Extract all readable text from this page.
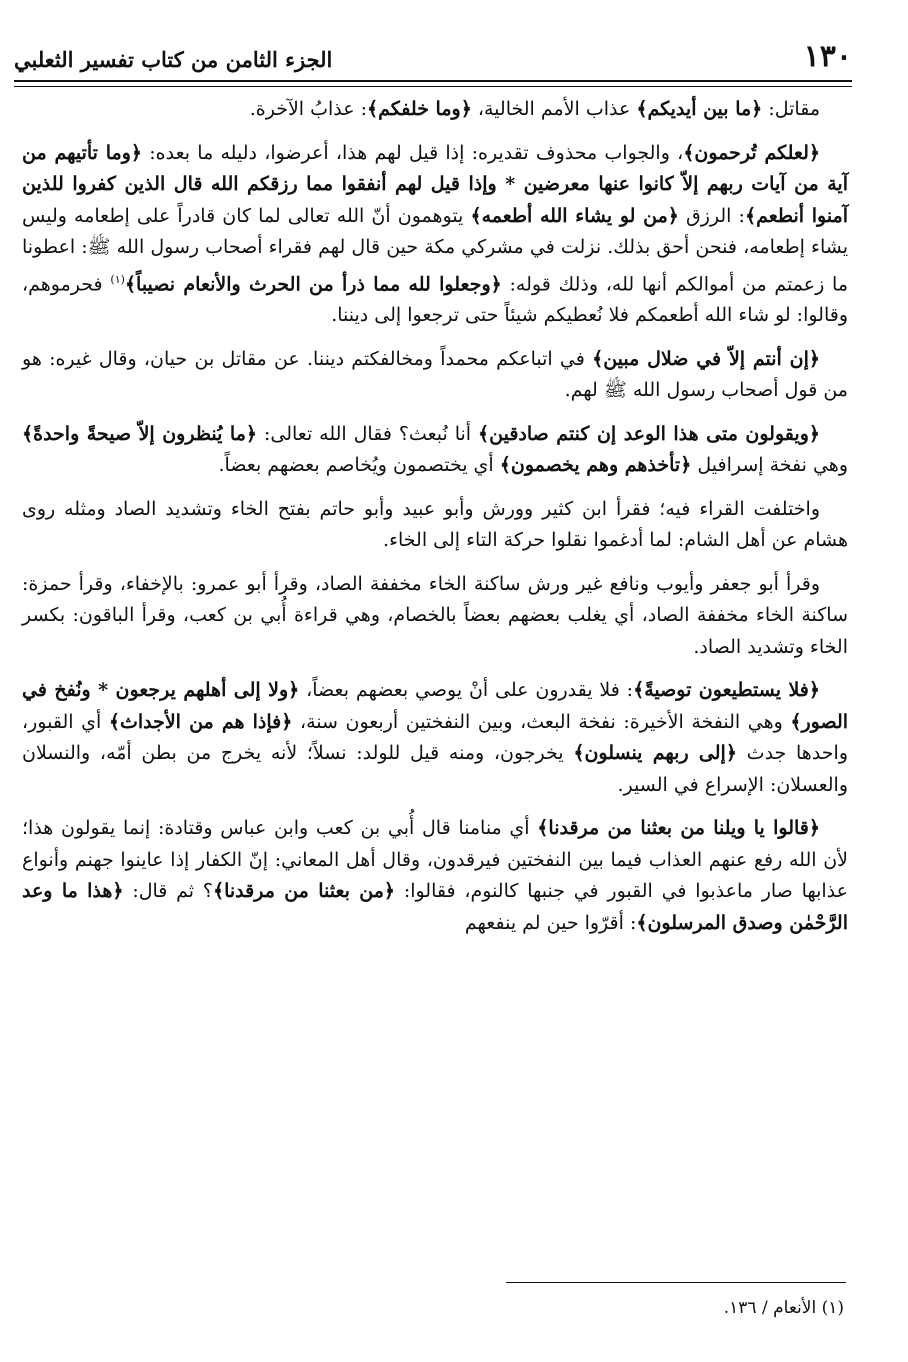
١٣٠
الجزء الثامن من كتاب تفسير الثعلبي

مقاتل: ﴿ما بين أيديكم﴾ عذاب الأمم الخالية، ﴿وما خلفكم﴾: عذابُ الآخرة.

﴿لعلكم تُرحمون﴾، والجواب محذوف تقديره: إذا قيل لهم هذا، أعرضوا، دليله ما بعده: ﴿وما تأتيهم من آية من آيات ربهم إلاّ كانوا عنها معرضين * وإذا قيل لهم أنفقوا مما رزقكم الله قال الذين كفروا للذين آمنوا أنطعم﴾: الرزق ﴿من لو يشاء الله أطعمه﴾ يتوهمون أنّ الله تعالى لما كان قادراً على إطعامه وليس يشاء إطعامه، فنحن أحق بذلك. نزلت في مشركي مكة حين قال لهم فقراء أصحاب رسول الله ﷺ: اعطونا ما زعمتم من أموالكم أنها لله، وذلك قوله: ﴿وجعلوا لله مما ذرأ من الحرث والأنعام نصيباً﴾$^{(١)}$ فحرموهم، وقالوا: لو شاء الله أطعمكم فلا نُعطيكم شيئاً حتى ترجعوا إلى ديننا.

﴿إن أنتم إلاّ في ضلال مبين﴾ في اتباعكم محمداً ومخالفكتم ديننا. عن مقاتل بن حيان، وقال غيره: هو من قول أصحاب رسول الله ﷺ لهم.

﴿ويقولون متى هذا الوعد إن كنتم صادقين﴾ أنا نُبعث؟ فقال الله تعالى: ﴿ما يُنظرون إلاّ صيحةً واحدةً﴾ وهي نفخة إسرافيل ﴿تأخذهم وهم يخصمون﴾ أي يختصمون ويُخاصم بعضهم بعضاً.

واختلفت القراء فيه؛ فقرأ ابن كثير وورش وأبو عبيد وأبو حاتم بفتح الخاء وتشديد الصاد ومثله روى هشام عن أهل الشام: لما أدغموا نقلوا حركة التاء إلى الخاء.

وقرأ أبو جعفر وأيوب ونافع غير ورش ساكنة الخاء مخففة الصاد، وقرأ أبو عمرو: بالإخفاء، وقرأ حمزة: ساكنة الخاء مخففة الصاد، أي يغلب بعضهم بعضاً بالخصام، وهي قراءة أُبي بن كعب، وقرأ الباقون: بكسر الخاء وتشديد الصاد.

﴿فلا يستطيعون توصيةً﴾: فلا يقدرون على أنْ يوصي بعضهم بعضاً، ﴿ولا إلى أهلهم يرجعون * ونُفخ في الصور﴾ وهي النفخة الأخيرة: نفخة البعث، وبين النفختين أربعون سنة، ﴿فإذا هم من الأجداث﴾ أي القبور، واحدها جدث ﴿إلى ربهم ينسلون﴾ يخرجون، ومنه قيل للولد: نسلاً؛ لأنه يخرج من بطن أمّه، والنسلان والعسلان: الإسراع في السير.

﴿قالوا يا ويلنا من بعثنا من مرقدنا﴾ أي منامنا قال أُبي بن كعب وابن عباس وقتادة: إنما يقولون هذا؛ لأن الله رفع عنهم العذاب فيما بين النفختين فيرقدون، وقال أهل المعاني: إنّ الكفار إذا عاينوا جهنم وأنواع عذابها صار ماعذبوا في القبور في جنبها كالنوم، فقالوا: ﴿من بعثنا من مرقدنا﴾؟ ثم قال: ﴿هذا ما وعد الرَّحْمٰن وصدق المرسلون﴾: أقرّوا حين لم ينفعهم

(١) الأنعام / ١٣٦.
